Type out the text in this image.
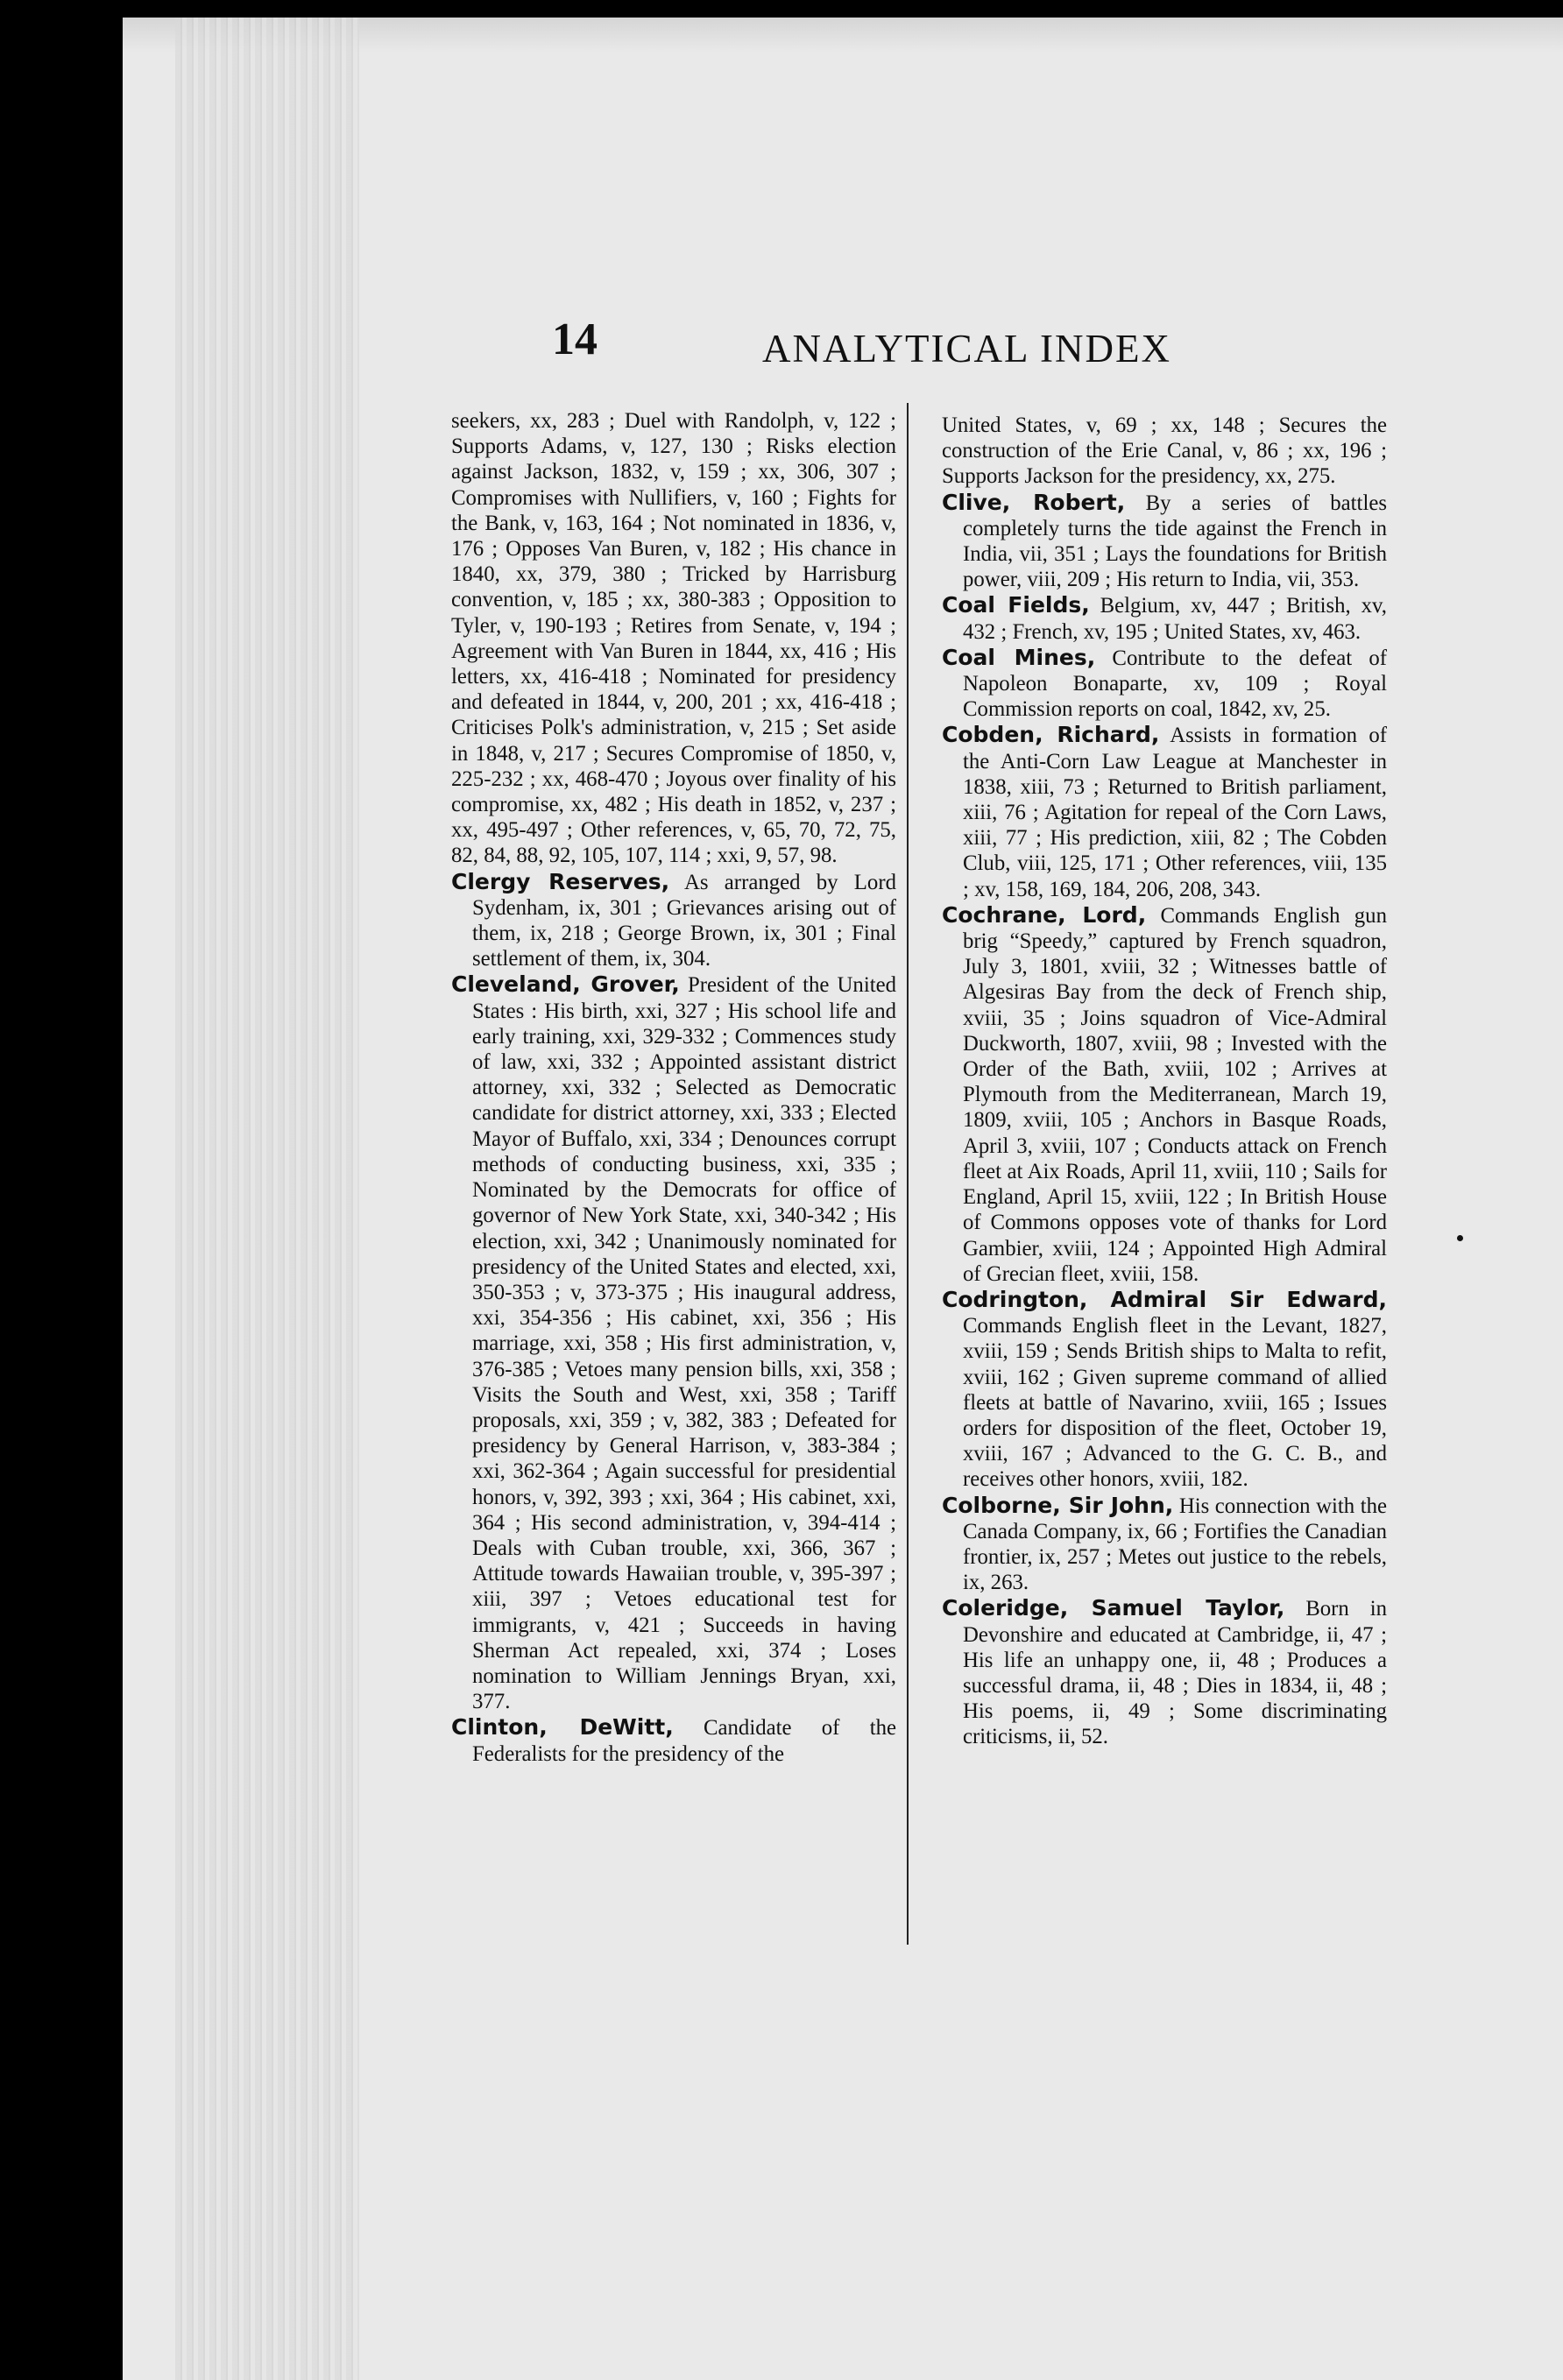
14	ANALYTICAL INDEX

seekers, xx, 283 ; Duel with Randolph, v, 122 ; Supports Adams, v, 127, 130 ; Risks election against Jackson, 1832, v, 159 ; xx, 306, 307 ; Compromises with Nullifiers, v, 160 ; Fights for the Bank, v, 163, 164 ; Not nominated in 1836, v, 176 ; Opposes Van Buren, v, 182 ; His chance in 1840, xx, 379, 380 ; Tricked by Harrisburg convention, v, 185 ; xx, 380-383 ; Opposition to Tyler, v, 190-193 ; Retires from Senate, v, 194 ; Agreement with Van Buren in 1844, xx, 416 ; His letters, xx, 416-418 ; Nominated for presidency and defeated in 1844, v, 200, 201 ; xx, 416-418 ; Criticises Polk's administration, v, 215 ; Set aside in 1848, v, 217 ; Secures Compromise of 1850, v, 225-232 ; xx, 468-470 ; Joyous over finality of his compromise, xx, 482 ; His death in 1852, v, 237 ; xx, 495-497 ; Other references, v, 65, 70, 72, 75, 82, 84, 88, 92, 105, 107, 114 ; xxi, 9, 57, 98.

Clergy Reserves, As arranged by Lord Sydenham, ix, 301 ; Grievances arising out of them, ix, 218 ; George Brown, ix, 301 ; Final settlement of them, ix, 304.

Cleveland, Grover, President of the United States : His birth, xxi, 327 ; His school life and early training, xxi, 329-332 ; Commences study of law, xxi, 332 ; Appointed assistant district attorney, xxi, 332 ; Selected as Democratic candidate for district attorney, xxi, 333 ; Elected Mayor of Buffalo, xxi, 334 ; Denounces corrupt methods of conducting business, xxi, 335 ; Nominated by the Democrats for office of governor of New York State, xxi, 340-342 ; His election, xxi, 342 ; Unanimously nominated for presidency of the United States and elected, xxi, 350-353 ; v, 373-375 ; His inaugural address, xxi, 354-356 ; His cabinet, xxi, 356 ; His marriage, xxi, 358 ; His first administration, v, 376-385 ; Vetoes many pension bills, xxi, 358 ; Visits the South and West, xxi, 358 ; Tariff proposals, xxi, 359 ; v, 382, 383 ; Defeated for presidency by General Harrison, v, 383-384 ; xxi, 362-364 ; Again successful for presidential honors, v, 392, 393 ; xxi, 364 ; His cabinet, xxi, 364 ; His second administration, v, 394-414 ; Deals with Cuban trouble, xxi, 366, 367 ; Attitude towards Hawaiian trouble, v, 395-397 ; xiii, 397 ; Vetoes educational test for immigrants, v, 421 ; Succeeds in having Sherman Act repealed, xxi, 374 ; Loses nomination to William Jennings Bryan, xxi, 377.

Clinton, DeWitt, Candidate of the Federalists for the presidency of the

United States, v, 69 ; xx, 148 ; Secures the construction of the Erie Canal, v, 86 ; xx, 196 ; Supports Jackson for the presidency, xx, 275.

Clive, Robert, By a series of battles completely turns the tide against the French in India, vii, 351 ; Lays the foundations for British power, viii, 209 ; His return to India, vii, 353.

Coal Fields, Belgium, xv, 447 ; British, xv, 432 ; French, xv, 195 ; United States, xv, 463.

Coal Mines, Contribute to the defeat of Napoleon Bonaparte, xv, 109 ; Royal Commission reports on coal, 1842, xv, 25.

Cobden, Richard, Assists in formation of the Anti-Corn Law League at Manchester in 1838, xiii, 73 ; Returned to British parliament, xiii, 76 ; Agitation for repeal of the Corn Laws, xiii, 77 ; His prediction, xiii, 82 ; The Cobden Club, viii, 125, 171 ; Other references, viii, 135 ; xv, 158, 169, 184, 206, 208, 343.

Cochrane, Lord, Commands English gun brig “Speedy,” captured by French squadron, July 3, 1801, xviii, 32 ; Witnesses battle of Algesiras Bay from the deck of French ship, xviii, 35 ; Joins squadron of Vice-Admiral Duckworth, 1807, xviii, 98 ; Invested with the Order of the Bath, xviii, 102 ; Arrives at Plymouth from the Mediterranean, March 19, 1809, xviii, 105 ; Anchors in Basque Roads, April 3, xviii, 107 ; Conducts attack on French fleet at Aix Roads, April 11, xviii, 110 ; Sails for England, April 15, xviii, 122 ; In British House of Commons opposes vote of thanks for Lord Gambier, xviii, 124 ; Appointed High Admiral of Grecian fleet, xviii, 158.

Codrington, Admiral Sir Edward, Commands English fleet in the Levant, 1827, xviii, 159 ; Sends British ships to Malta to refit, xviii, 162 ; Given supreme command of allied fleets at battle of Navarino, xviii, 165 ; Issues orders for disposition of the fleet, October 19, xviii, 167 ; Advanced to the G. C. B., and receives other honors, xviii, 182.

Colborne, Sir John, His connection with the Canada Company, ix, 66 ; Fortifies the Canadian frontier, ix, 257 ; Metes out justice to the rebels, ix, 263.

Coleridge, Samuel Taylor, Born in Devonshire and educated at Cambridge, ii, 47 ; His life an unhappy one, ii, 48 ; Produces a successful drama, ii, 48 ; Dies in 1834, ii, 48 ; His poems, ii, 49 ; Some discriminating criticisms, ii, 52.
